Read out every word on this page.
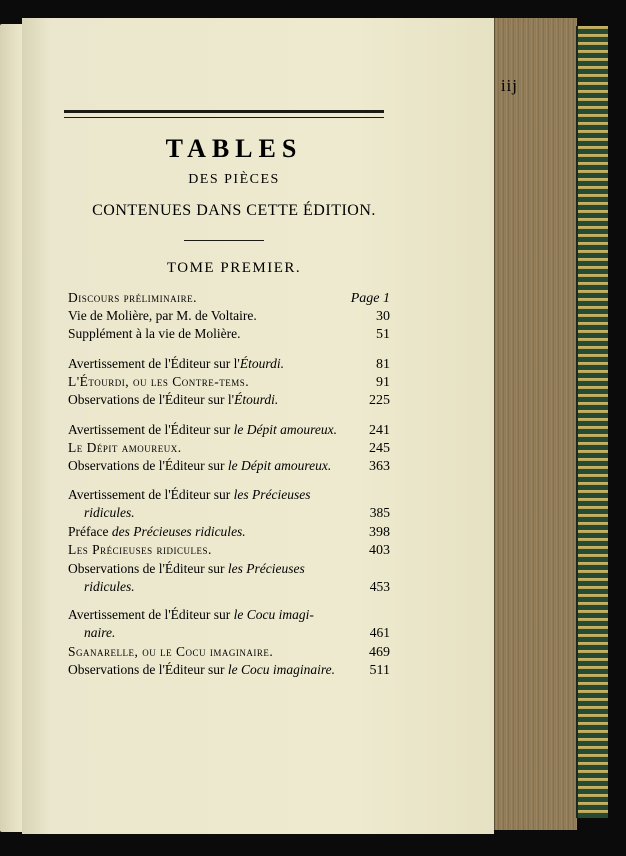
iij
TABLES
DES PIÈCES
CONTENUES DANS CETTE ÉDITION.
TOME PREMIER.
Discours préliminaire.	Page 1
Vie de Molière, par M. de Voltaire.	30
Supplément à la vie de Molière.	51
Avertissement de l'Éditeur sur l'Étourdi.	81
L'Étourdi, ou les Contre-tems.	91
Observations de l'Éditeur sur l'Étourdi.	225
Avertissement de l'Éditeur sur le Dépit amoureux. 241
Le Dépit amoureux.	245
Observations de l'Éditeur sur le Dépit amoureux.	363
Avertissement de l'Éditeur sur les Précieuses
ridicules.	385
Préface des Précieuses ridicules.	398
Les Précieuses ridicules.	403
Observations de l'Éditeur sur les Précieuses
ridicules.	453
Avertissement de l'Éditeur sur le Cocu imagi-
naire.	461
Sganarelle, ou le Cocu imaginaire.	469
Observations de l'Éditeur sur le Cocu imaginaire. 511
